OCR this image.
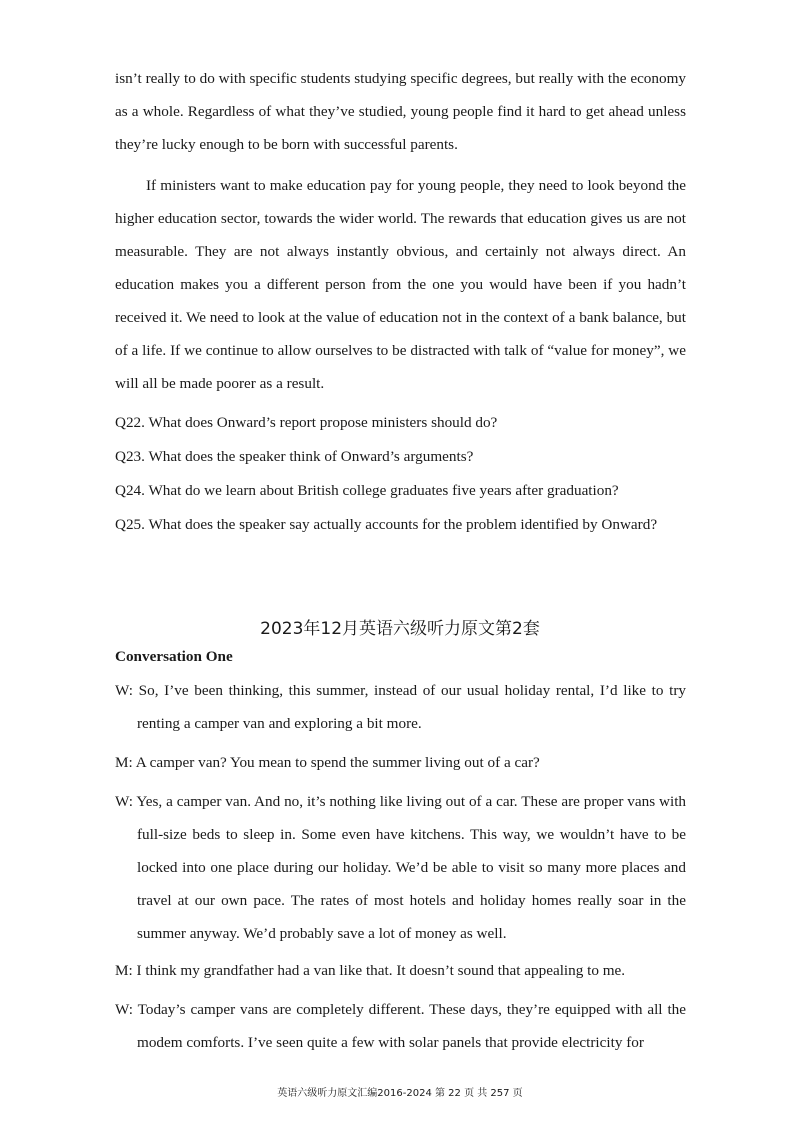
isn’t really to do with specific students studying specific degrees, but really with the economy as a whole. Regardless of what they’ve studied, young people find it hard to get ahead unless they’re lucky enough to be born with successful parents.

If ministers want to make education pay for young people, they need to look beyond the higher education sector, towards the wider world. The rewards that education gives us are not measurable. They are not always instantly obvious, and certainly not always direct. An education makes you a different person from the one you would have been if you hadn’t received it. We need to look at the value of education not in the context of a bank balance, but of a life. If we continue to allow ourselves to be distracted with talk of “value for money”, we will all be made poorer as a result.

Q22. What does Onward’s report propose ministers should do?

Q23. What does the speaker think of Onward’s arguments?

Q24. What do we learn about British college graduates five years after graduation?

Q25. What does the speaker say actually accounts for the problem identified by Onward?

2023年12月英语六级听力原文第2套

Conversation One

W: So, I’ve been thinking, this summer, instead of our usual holiday rental, I’d like to try renting a camper van and exploring a bit more.

M: A camper van? You mean to spend the summer living out of a car?

W: Yes, a camper van. And no, it’s nothing like living out of a car. These are proper vans with full-size beds to sleep in. Some even have kitchens. This way, we wouldn’t have to be locked into one place during our holiday. We’d be able to visit so many more places and travel at our own pace. The rates of most hotels and holiday homes really soar in the summer anyway. We’d probably save a lot of money as well.

M: I think my grandfather had a van like that. It doesn’t sound that appealing to me.

W: Today’s camper vans are completely different. These days, they’re equipped with all the modem comforts. I’ve seen quite a few with solar panels that provide electricity for

英语六级听力原文汇编2016-2024 第 22 页 共 257 页
